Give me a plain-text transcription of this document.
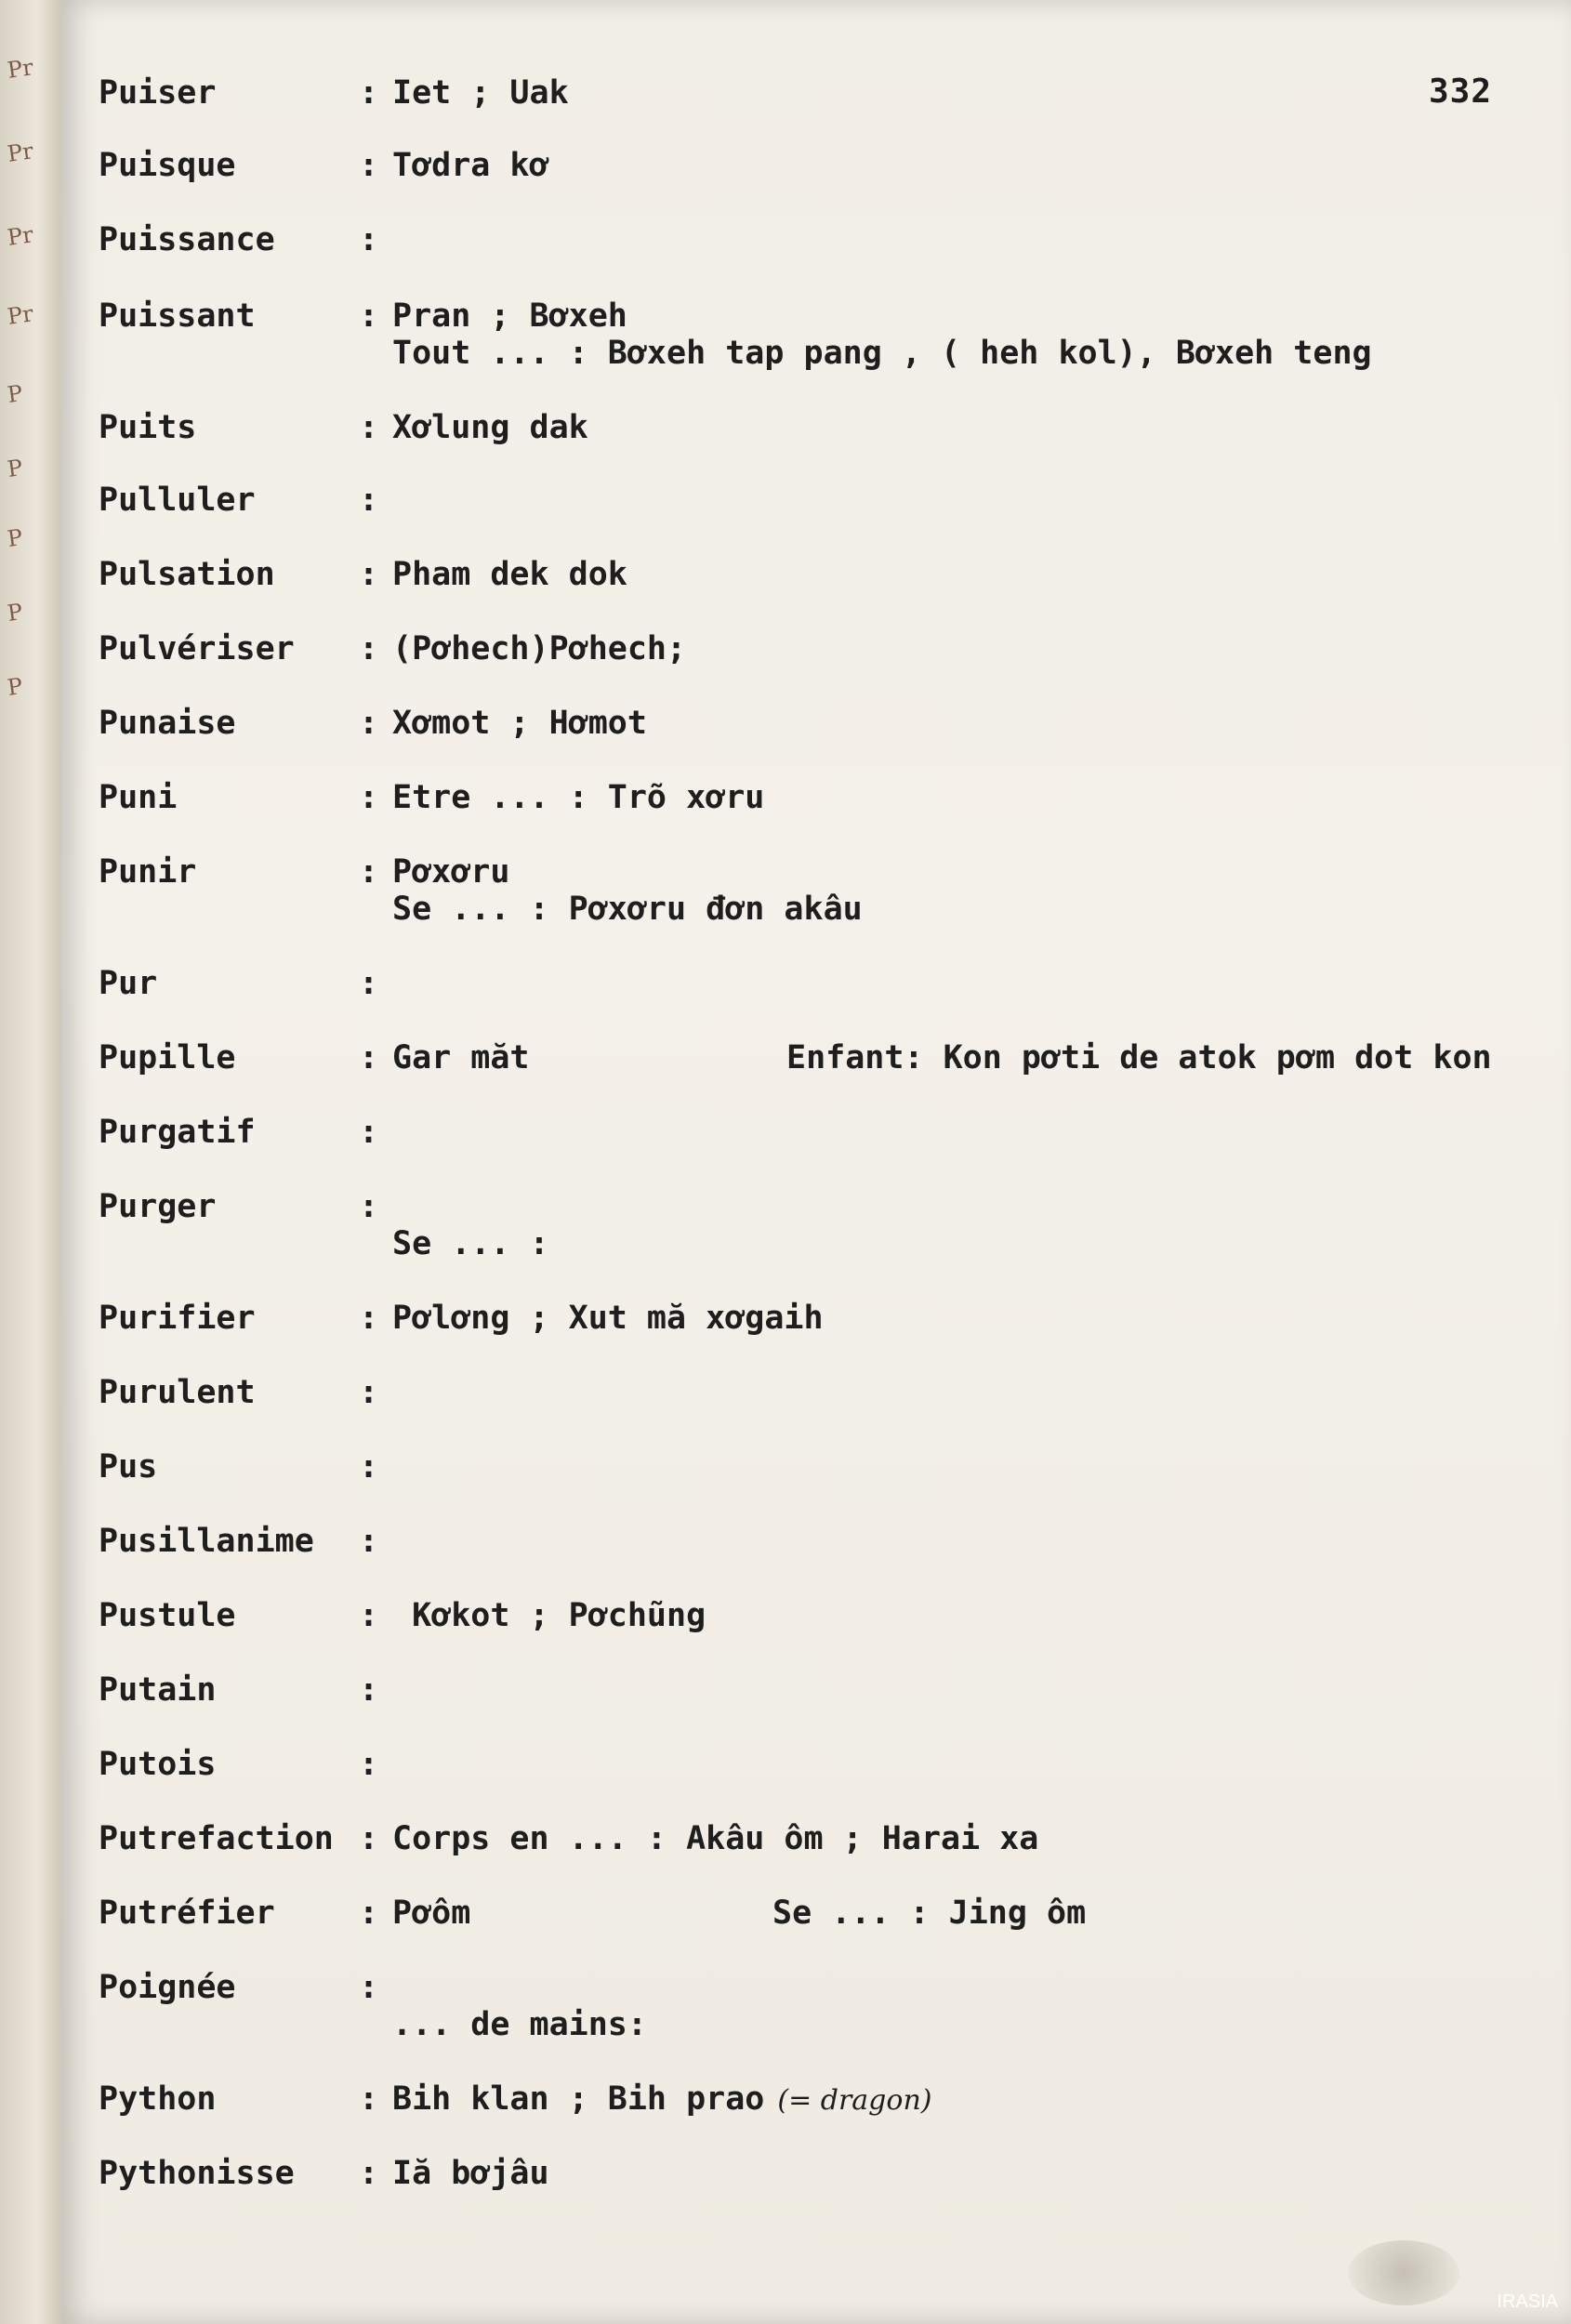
Pr
Pr
Pr
Pr
P
P
P
P
P
332
Puiser	: Iet ; Uak
Puisque	: Tơdra kơ
Puissance	:
Puissant	: Pran ; Bơxeh
Tout ... : Bơxeh tap pang , ( heh kol), Bơxeh teng
Puits	: Xơlung dak
Pulluler	:
Pulsation	: Pham dek dok
Pulvériser	: (Pơhech)Pơhech;
Punaise	: Xơmot ; Hơmot
Puni	: Etre ... : Trõ xơru
Punir	: Pơxơru
Se ... : Pơxơru đơn akâu
Pur	:
Pupille	: Gar măt	Enfant: Kon pơti de atok pơm dot kon
Purgatif	:
Purger	:

Se ... :
Purifier	: Pơlơng ; Xut mă xơgaih
Purulent	:
Pus	:
Pusillanime	:
Pustule	: Kơkot ; Pơchũng
Putain	:
Putois	:
Putrefaction : Corps en ... : Akâu ôm ; Harai xa
Putréfier	: Pơôm	Se ... : Jing ôm
Poignée	:

... de mains:
Python	: Bih klan ; Bih prao (= dragon)
Pythonisse	: Iă bơjâu
IRASIA
